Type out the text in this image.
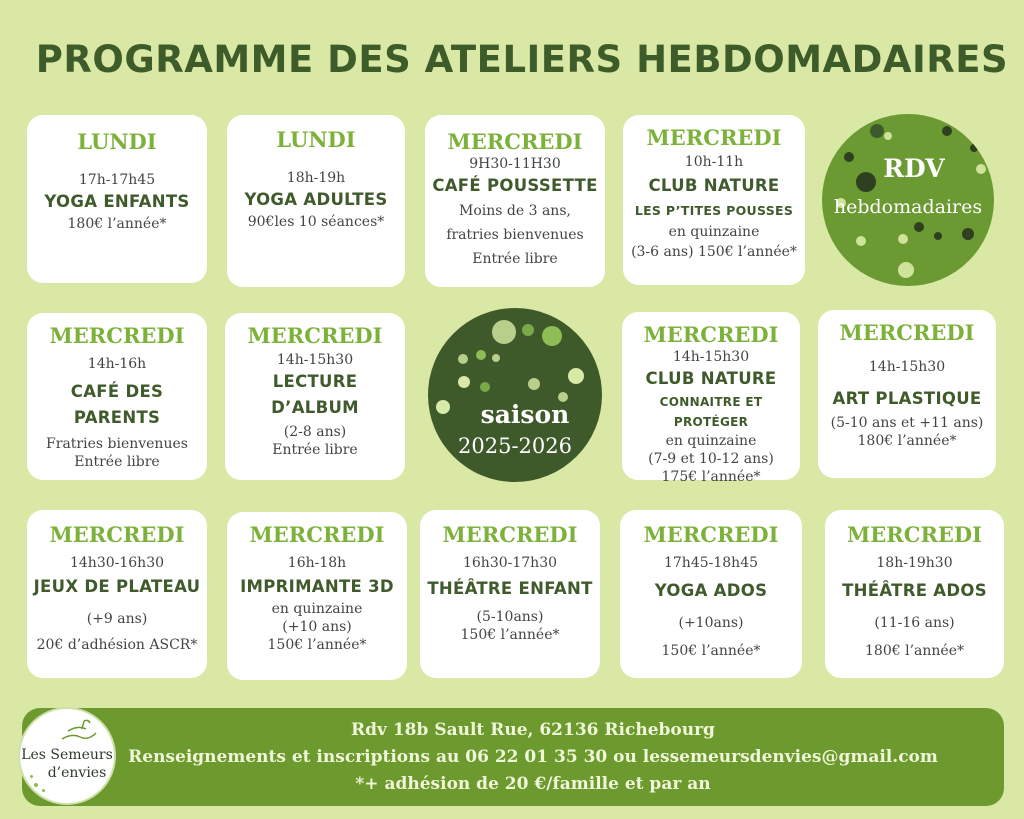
PROGRAMME DES ATELIERS HEBDOMADAIRES
LUNDI
17h-17h45
YOGA ENFANTS
180€ l’année*
LUNDI
18h-19h
YOGA ADULTES
90€les 10 séances*
MERCREDI
9H30-11H30
CAFÉ POUSSETTE
Moins de 3 ans,
fratries bienvenues
Entrée libre
MERCREDI
10h-11h
CLUB NATURE
LES P’TITES POUSSES
en quinzaine
(3-6 ans) 150€ l’année*
RDV
hebdomadaires
MERCREDI
14h-16h
CAFÉ DES
PARENTS
Fratries bienvenues
Entrée libre
MERCREDI
14h-15h30
LECTURE
D’ALBUM
(2-8 ans)
Entrée libre
saison
2025-2026
MERCREDI
14h-15h30
CLUB NATURE
CONNAITRE ET PROTÉGER
en quinzaine
(7-9 et 10-12 ans)
175€ l’année*
MERCREDI
14h-15h30
ART PLASTIQUE
(5-10 ans et +11 ans)
180€ l’année*
MERCREDI
14h30-16h30
JEUX DE PLATEAU
(+9 ans)
20€ d’adhésion ASCR*
MERCREDI
16h-18h
IMPRIMANTE 3D
en quinzaine
(+10 ans)
150€ l’année*
MERCREDI
16h30-17h30
THÉÂTRE ENFANT
(5-10ans)
150€ l’année*
MERCREDI
17h45-18h45
YOGA ADOS
(+10ans)
150€ l’année*
MERCREDI
18h-19h30
THÉÂTRE ADOS
(11-16 ans)
180€ l’année*
Rdv 18b Sault Rue, 62136 Richebourg
Renseignements et inscriptions au 06 22 01 35 30 ou lessemeursdenvies@gmail.com
*+ adhésion de 20 €/famille et par an
Les Semeurs
d’envies
